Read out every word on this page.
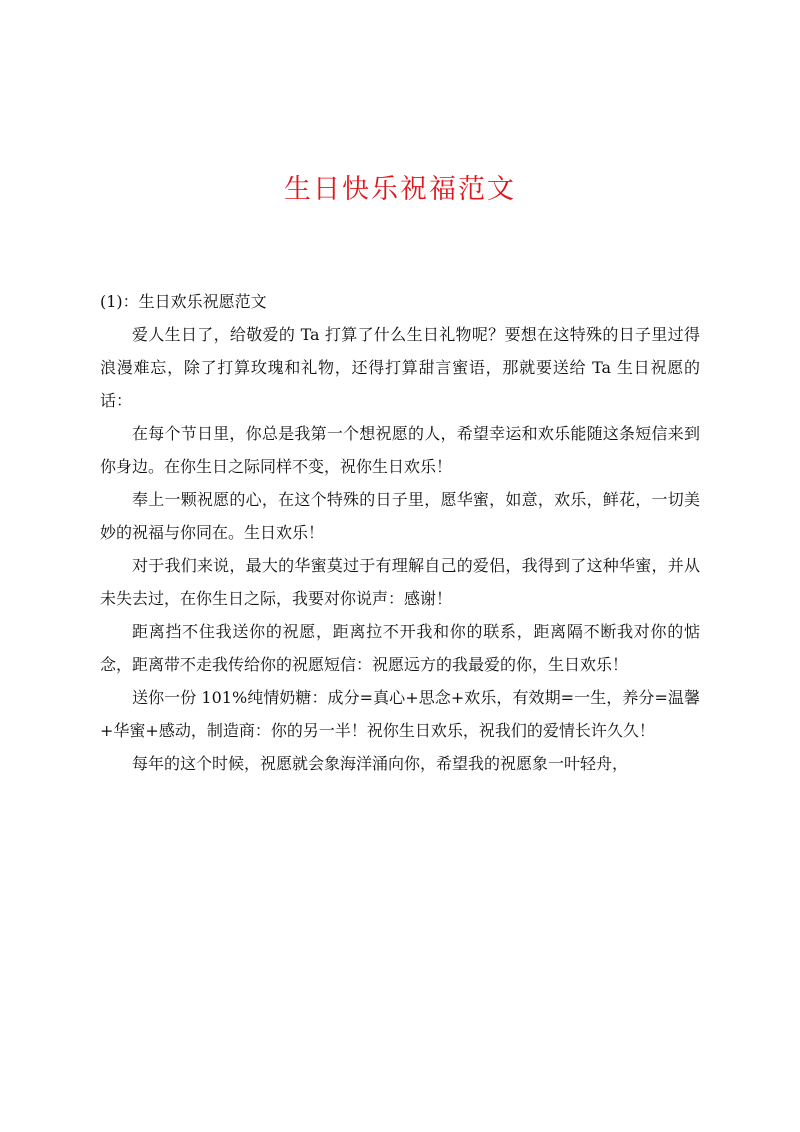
生日快乐祝福范文

(1)：生日欢乐祝愿范文

爱人生日了，给敬爱的 Ta 打算了什么生日礼物呢？要想在这特殊的日子里过得浪漫难忘，除了打算玫瑰和礼物，还得打算甜言蜜语，那就要送给 Ta 生日祝愿的话：

在每个节日里，你总是我第一个想祝愿的人，希望幸运和欢乐能随这条短信来到你身边。在你生日之际同样不变，祝你生日欢乐！

奉上一颗祝愿的心，在这个特殊的日子里，愿华蜜，如意，欢乐，鲜花，一切美妙的祝福与你同在。生日欢乐！

对于我们来说，最大的华蜜莫过于有理解自己的爱侣，我得到了这种华蜜，并从未失去过，在你生日之际，我要对你说声：感谢！

距离挡不住我送你的祝愿，距离拉不开我和你的联系，距离隔不断我对你的惦念，距离带不走我传给你的祝愿短信：祝愿远方的我最爱的你，生日欢乐！

送你一份 101%纯情奶糖：成分=真心+思念+欢乐，有效期=一生，养分=温馨+华蜜+感动，制造商：你的另一半！祝你生日欢乐，祝我们的爱情长许久久！

每年的这个时候，祝愿就会象海洋涌向你，希望我的祝愿象一叶轻舟，
